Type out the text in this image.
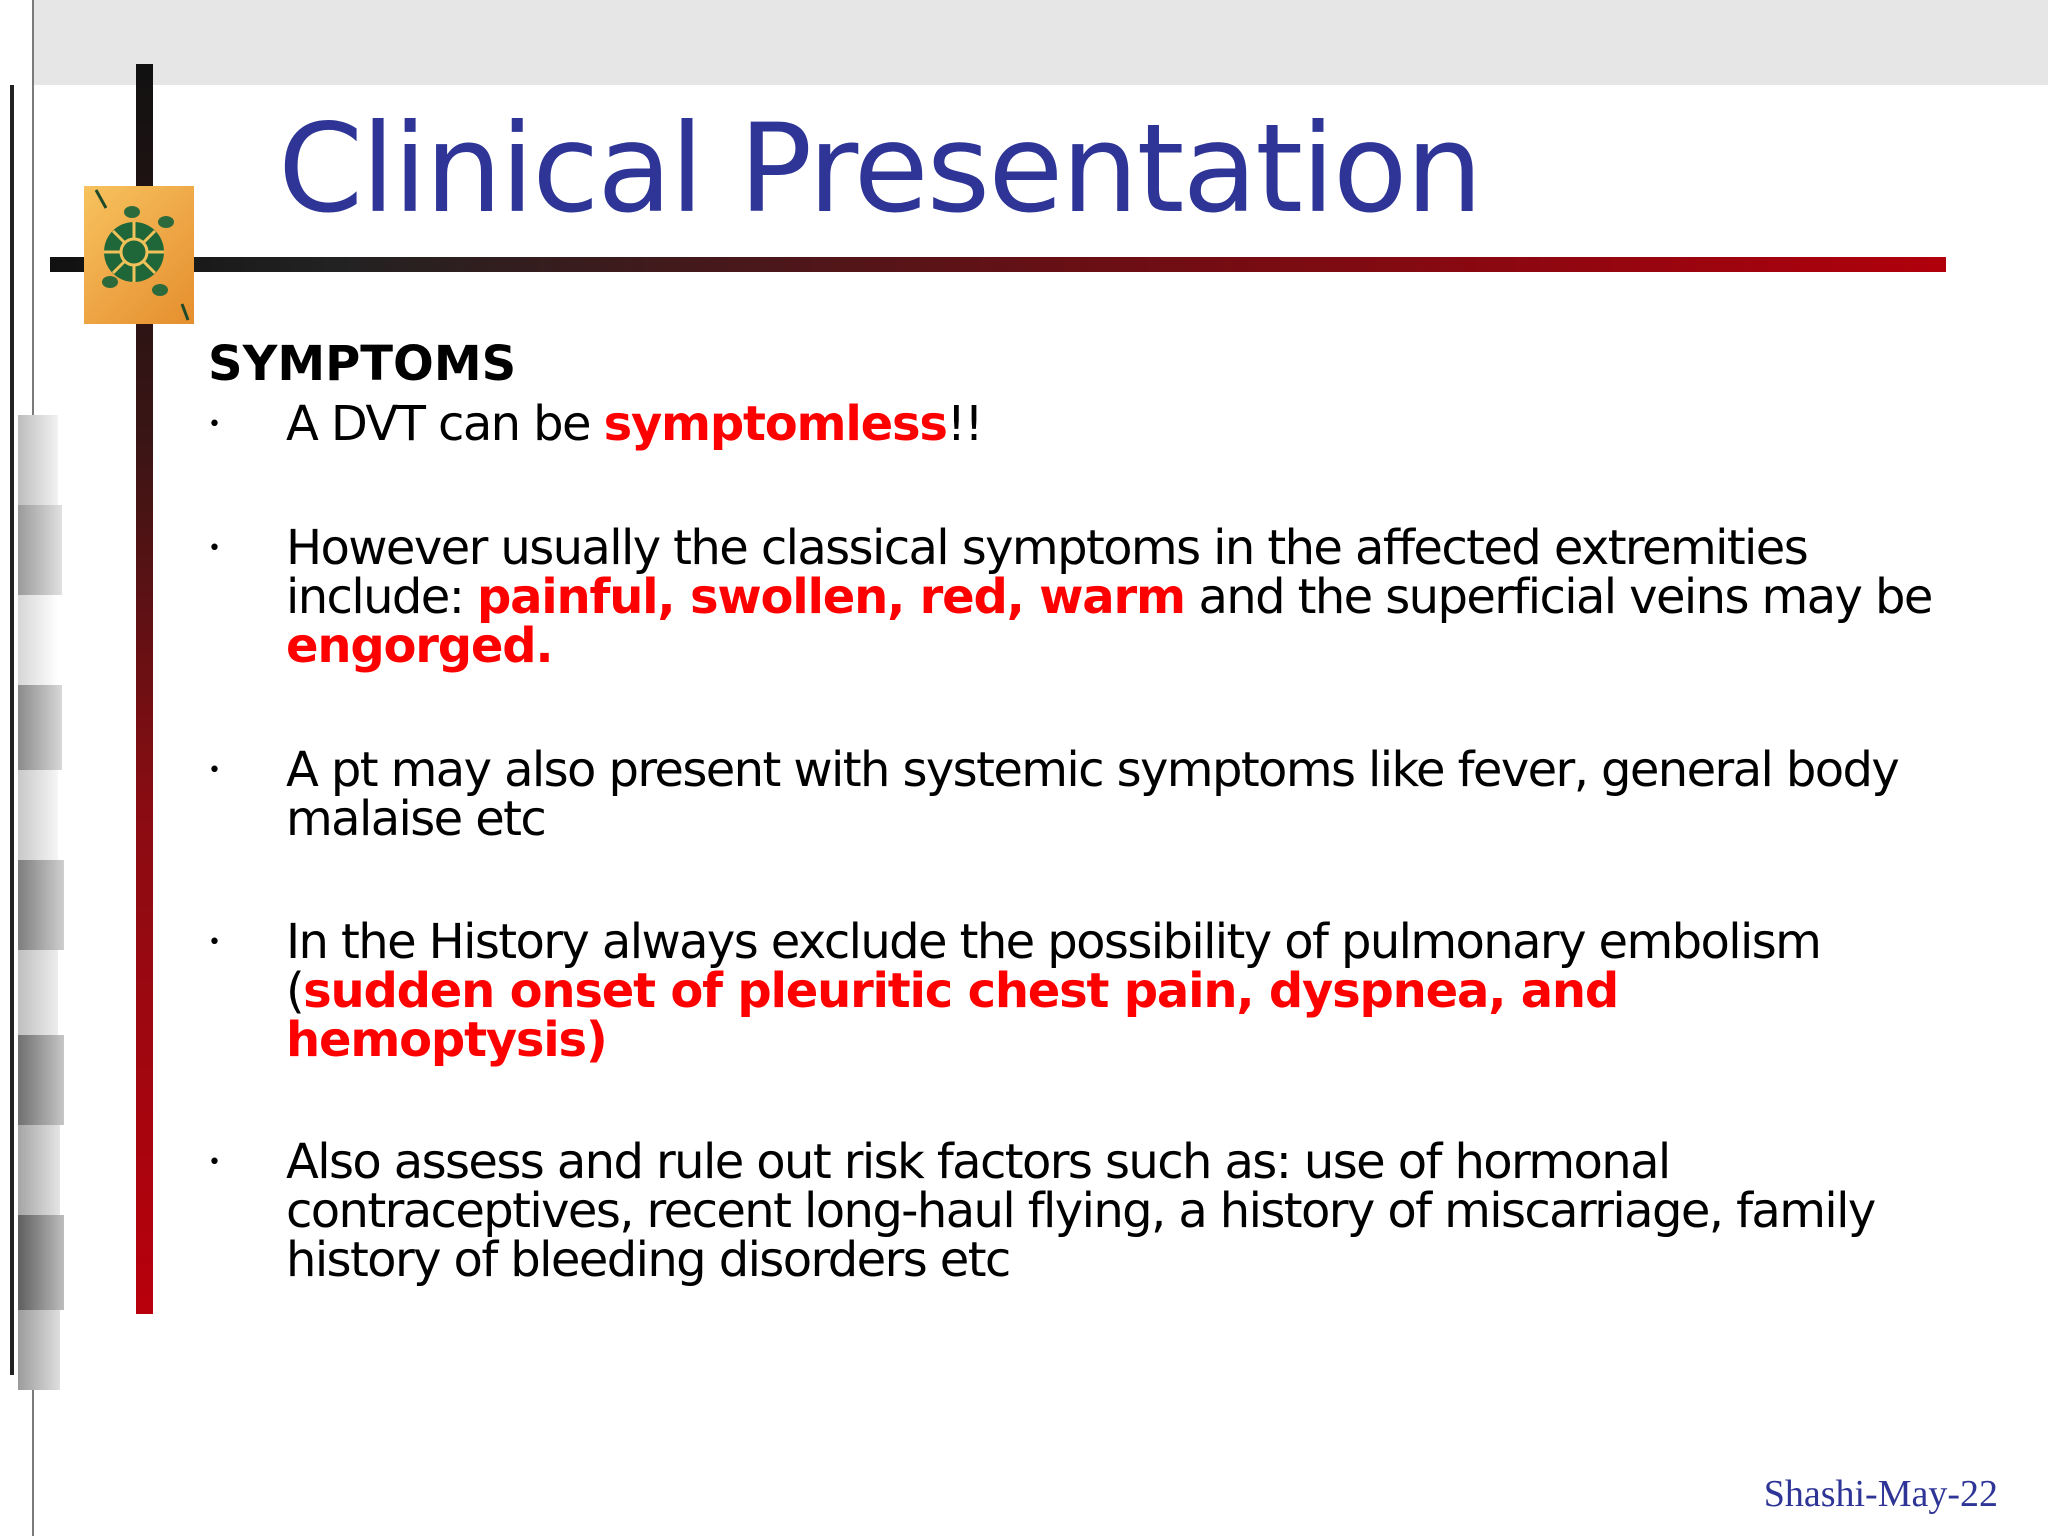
Clinical Presentation
SYMPTOMS
• A DVT can be symptomless!!
• However usually the classical symptoms in the affected extremities include: painful, swollen, red, warm and the superficial veins may be engorged.
• A pt may also present with systemic symptoms like fever, general body malaise etc
• In the History always exclude the possibility of pulmonary embolism (sudden onset of pleuritic chest pain, dyspnea, and hemoptysis)
• Also assess and rule out risk factors such as: use of hormonal contraceptives, recent long-haul flying, a history of miscarriage, family history of bleeding disorders etc
Shashi-May-22
